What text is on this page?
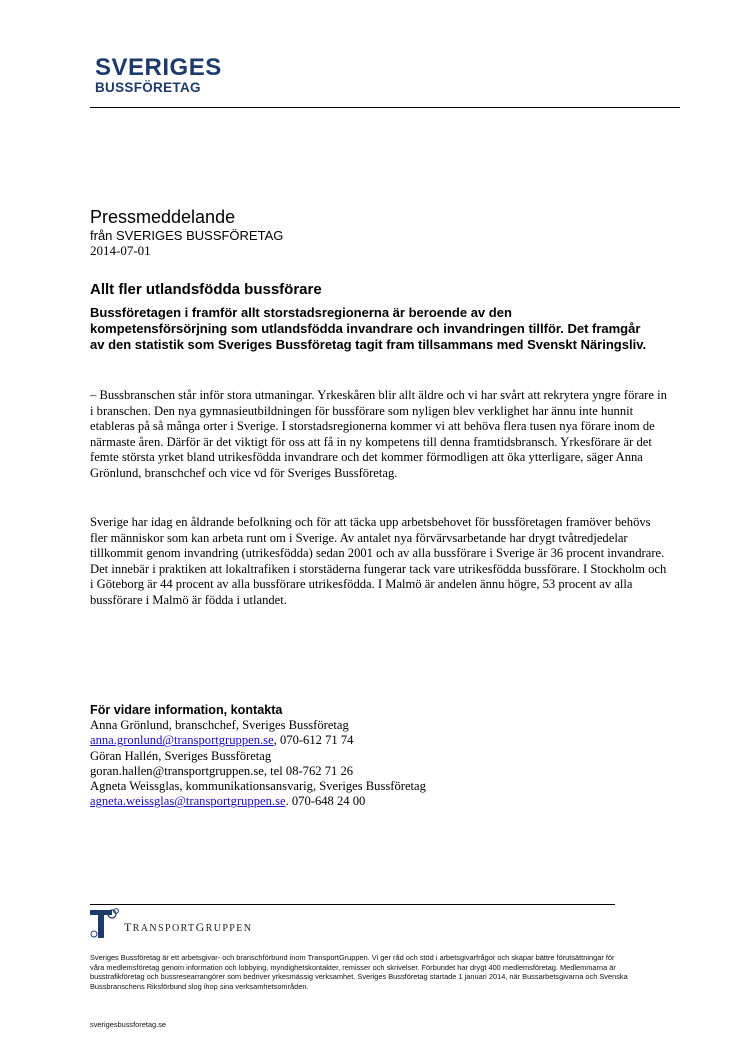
SVERIGES
BUSSFÖRETAG
Pressmeddelande
från SVERIGES BUSSFÖRETAG
2014-07-01
Allt fler utlandsfödda bussförare

Bussföretagen i framför allt storstadsregionerna är beroende av den kompetensförsörjning som utlandsfödda invandrare och invandringen tillför. Det framgår av den statistik som Sveriges Bussföretag tagit fram tillsammans med Svenskt Näringsliv.

– Bussbranschen står inför stora utmaningar. Yrkeskåren blir allt äldre och vi har svårt att rekrytera yngre förare in i branschen. Den nya gymnasieutbildningen för bussförare som nyligen blev verklighet har ännu inte hunnit etableras på så många orter i Sverige. I storstadsregionerna kommer vi att behöva flera tusen nya förare inom de närmaste åren. Därför är det viktigt för oss att få in ny kompetens till denna framtidsbransch. Yrkesförare är det femte största yrket bland utrikesfödda invandrare och det kommer förmodligen att öka ytterligare, säger Anna Grönlund, branschchef och vice vd för Sveriges Bussföretag.

Sverige har idag en åldrande befolkning och för att täcka upp arbetsbehovet för bussföretagen framöver behövs fler människor som kan arbeta runt om i Sverige. Av antalet nya förvärvsarbetande har drygt tvåtredjedelar tillkommit genom invandring (utrikesfödda) sedan 2001 och av alla bussförare i Sverige är 36 procent invandrare. Det innebär i praktiken att lokaltrafiken i storstäderna fungerar tack vare utrikesfödda bussförare. I Stockholm och i Göteborg är 44 procent av alla bussförare utrikesfödda. I Malmö är andelen ännu högre, 53 procent av alla bussförare i Malmö är födda i utlandet.

För vidare information, kontakta
Anna Grönlund, branschchef, Sveriges Bussföretag
anna.gronlund@transportgruppen.se, 070-612 71 74
Göran Hallén, Sveriges Bussföretag
goran.hallen@transportgruppen.se, tel 08-762 71 26
Agneta Weissglas, kommunikationsansvarig, Sveriges Bussföretag
agneta.weissglas@transportgruppen.se. 070-648 24 00
TRANSPORTGRUPPEN
Sveriges Bussföretag är ett arbetsgivar- och branschförbund inom TransportGruppen. Vi ger råd och stöd i arbetsgivarfrågor och skapar bättre förutsättningar för våra medlemsföretag genom information och lobbying, myndighetskontakter, remisser och skrivelser. Förbundet har drygt 400 medlemsföretag. Medlemmarna är busstrafikföretag och bussresearrangörer som bedriver yrkesmässig verksamhet. Sveriges Bussföretag startade 1 januari 2014, när Bussarbetsgivarna och Svenska Bussbranschens Riksförbund slog ihop sina verksamhetsområden.
sverigesbussforetag.se
